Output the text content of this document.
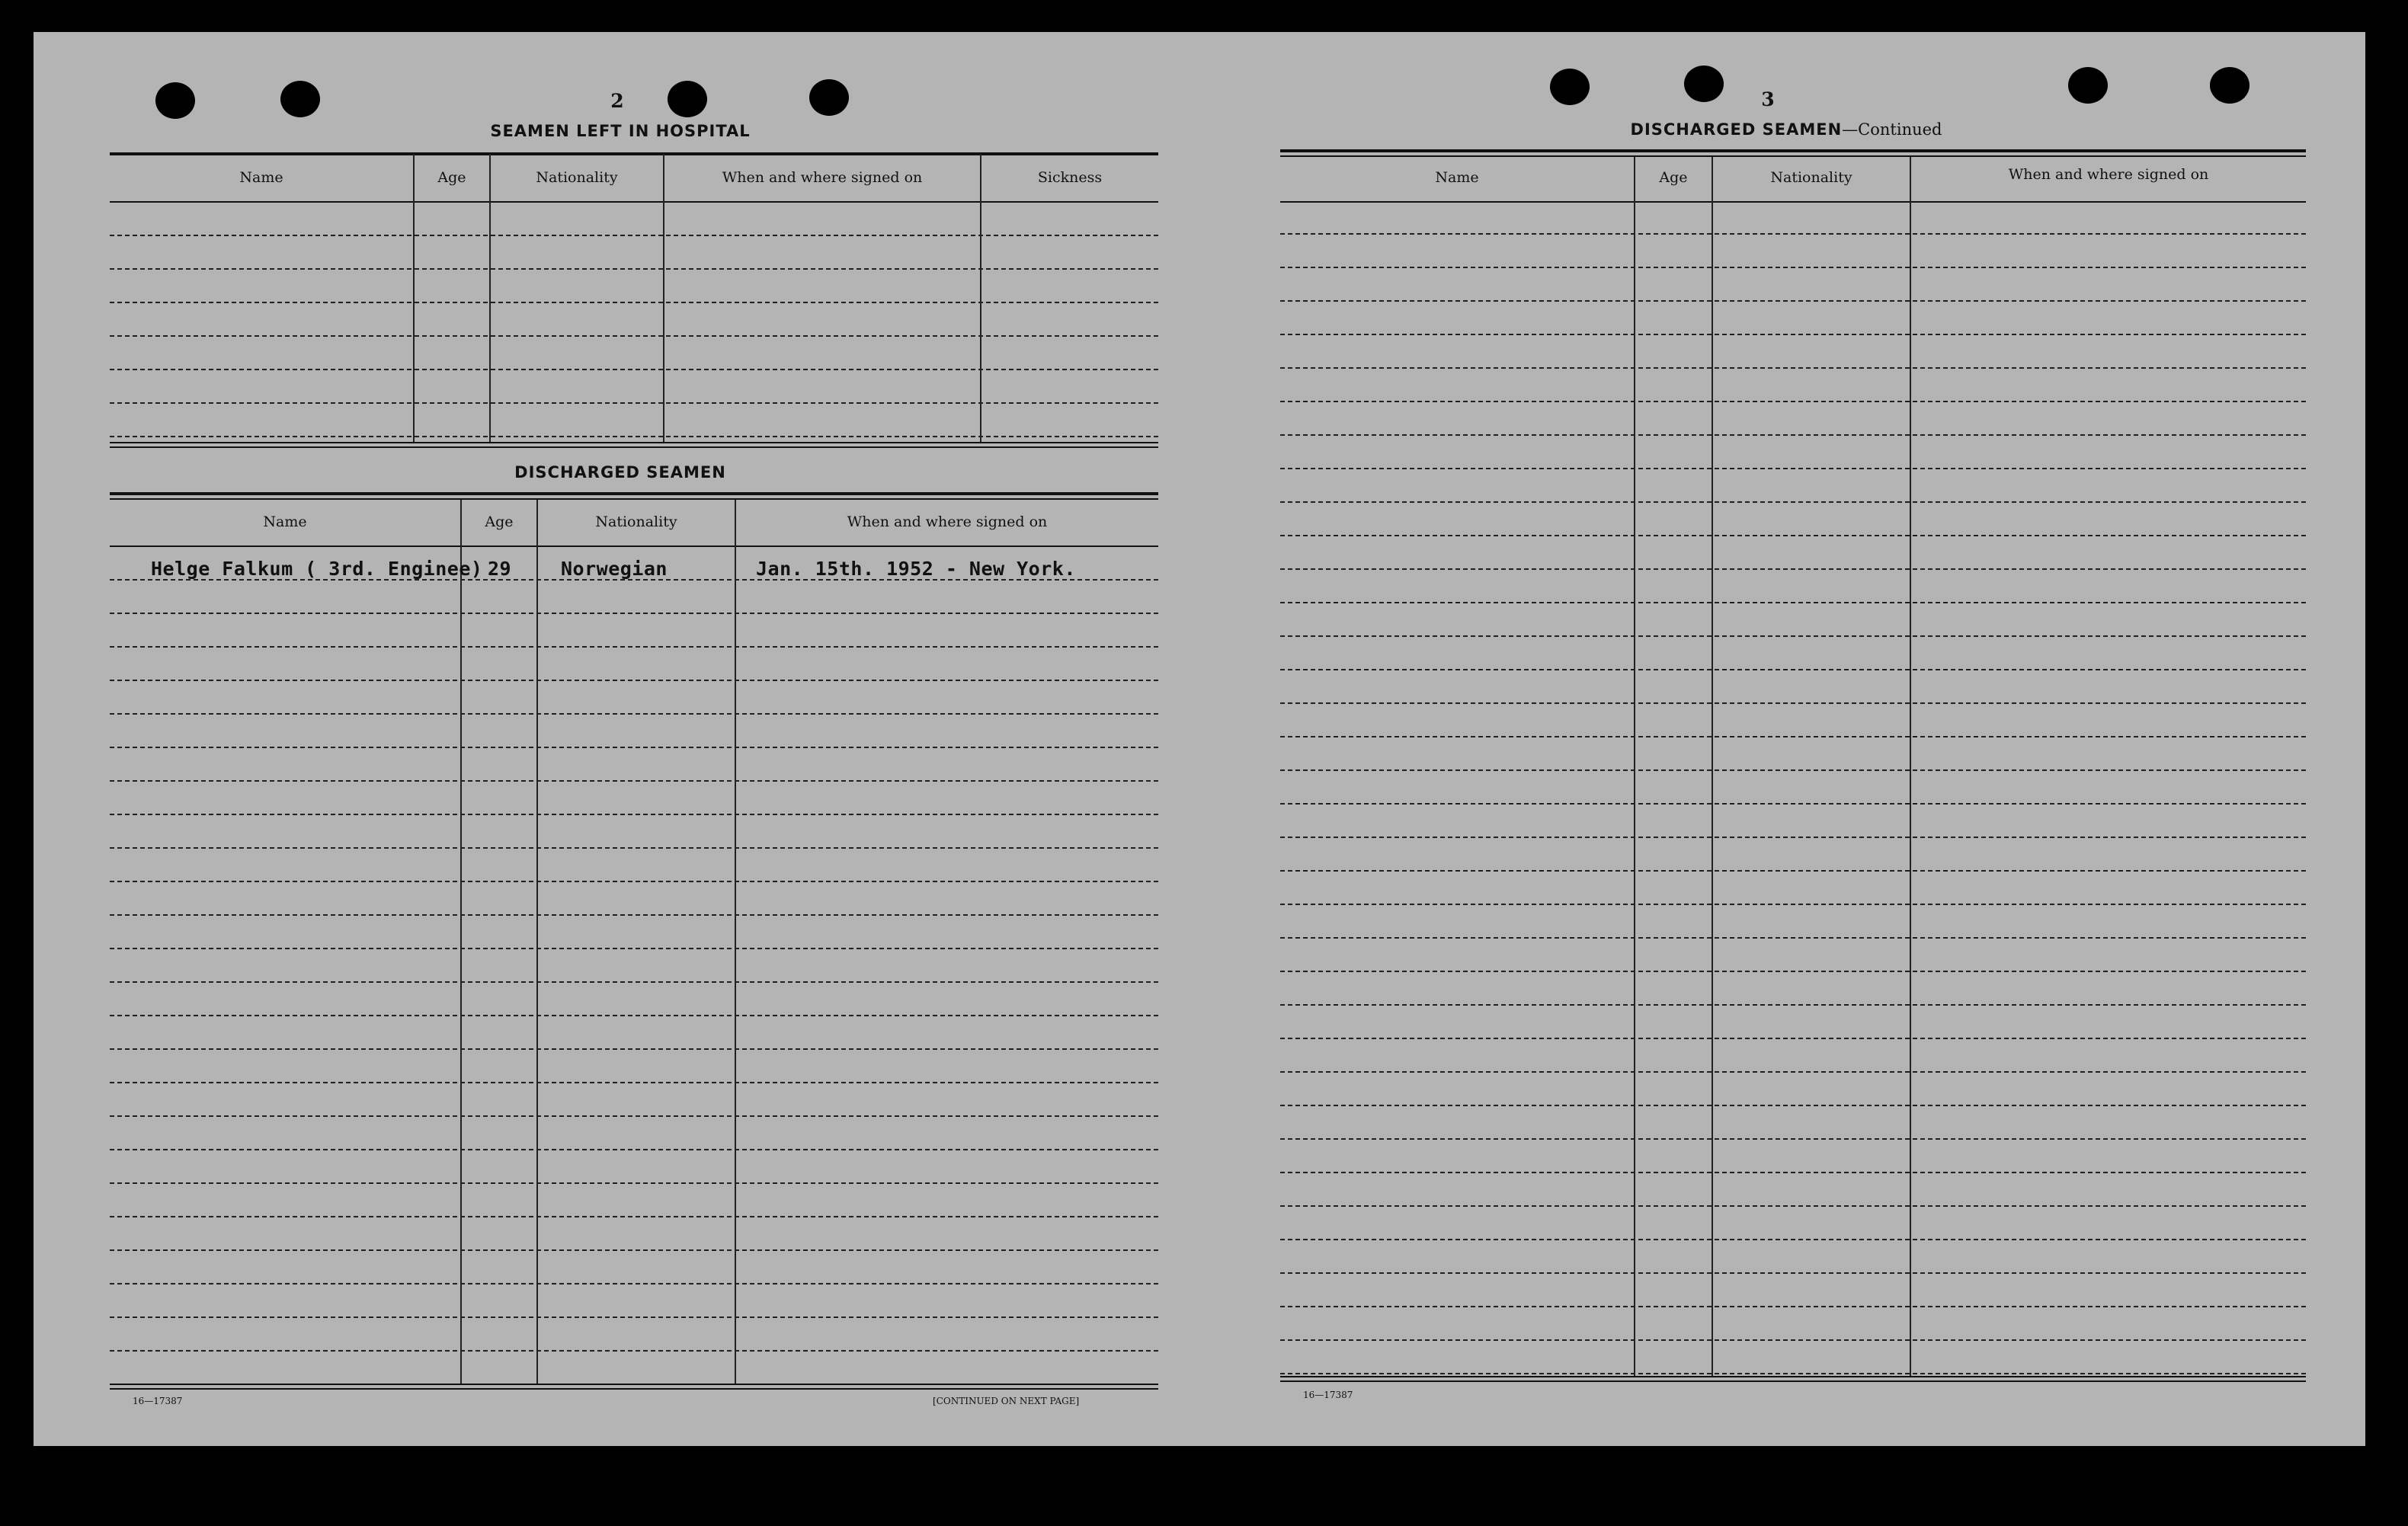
2
SEAMEN LEFT IN HOSPITAL
Name	Age	Nationality	When and where signed on	Sickness
DISCHARGED SEAMEN
Name	Age	Nationality	When and where signed on
Helge Falkum ( 3rd. Enginee) 29	Norwegian	Jan. 15th. 1952 - New York.
16—17387	[CONTINUED ON NEXT PAGE]
3
DISCHARGED SEAMEN—Continued
Name	Age	Nationality	When and where signed on
16—17387
